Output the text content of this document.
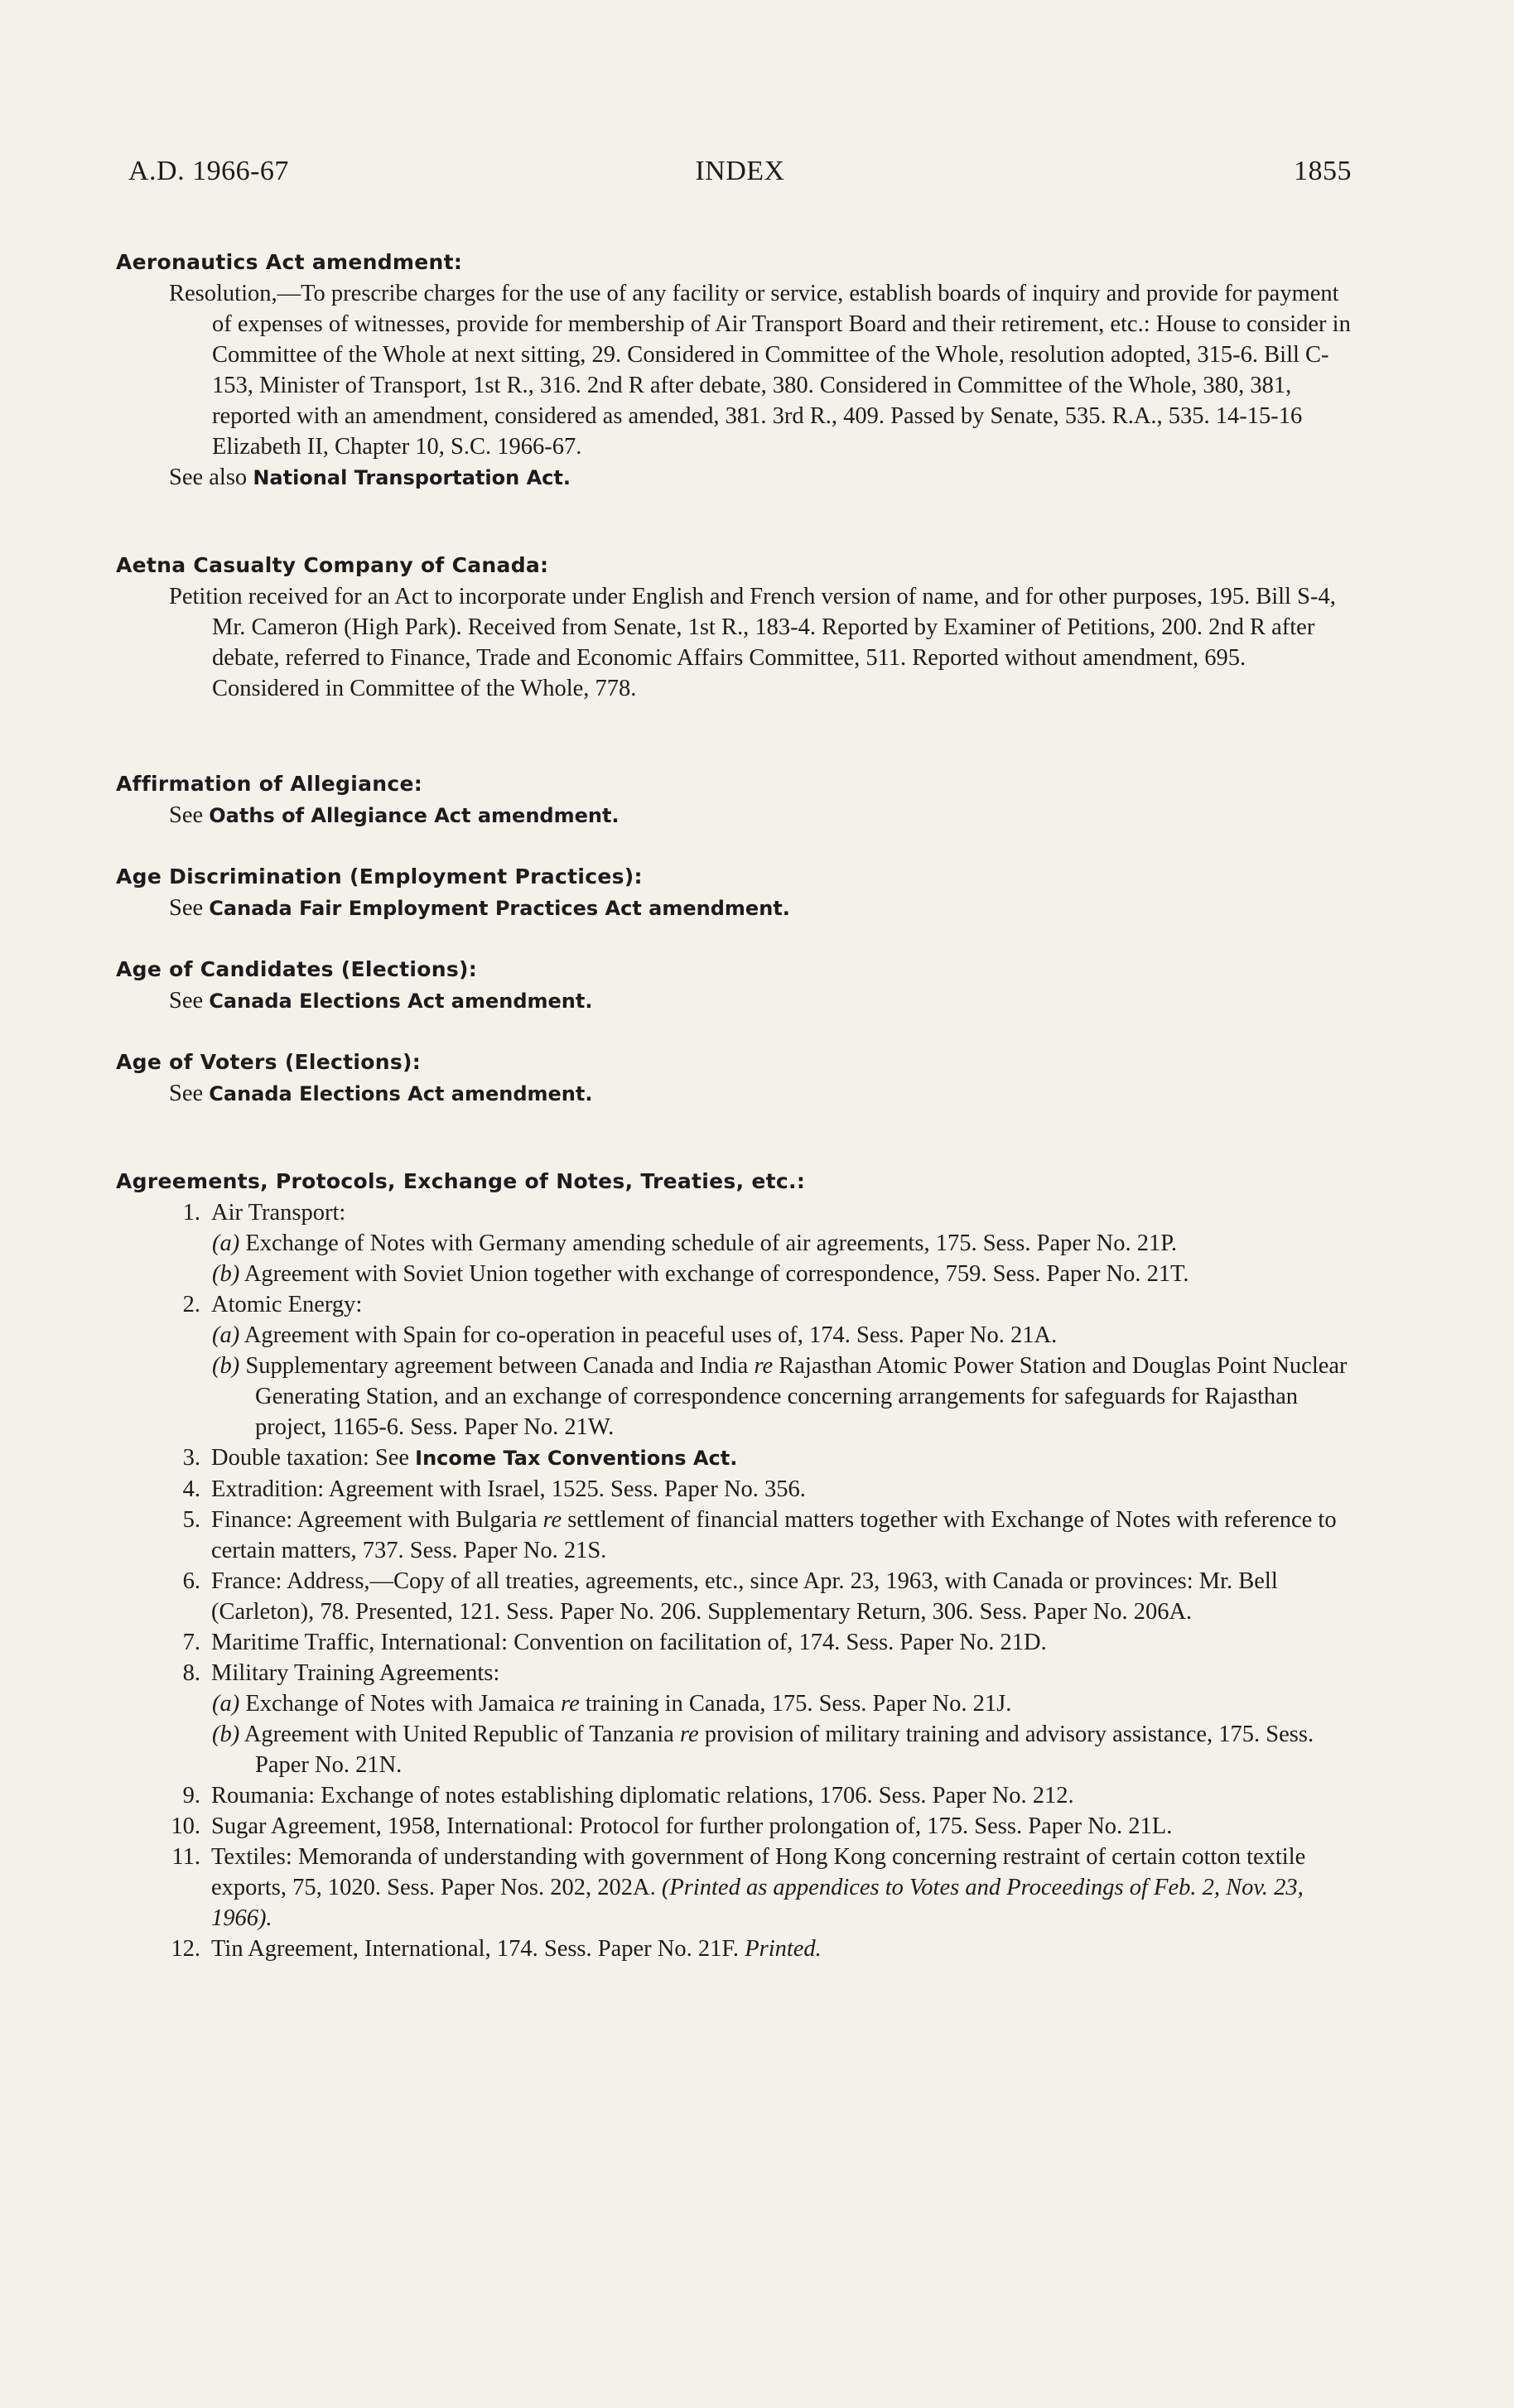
A.D. 1966-67	INDEX	1855
Aeronautics Act amendment:
Resolution,—To prescribe charges for the use of any facility or service, establish boards of inquiry and provide for payment of expenses of witnesses, provide for membership of Air Transport Board and their retirement, etc.: House to consider in Committee of the Whole at next sitting, 29. Considered in Committee of the Whole, resolution adopted, 315-6. Bill C-153, Minister of Transport, 1st R., 316. 2nd R after debate, 380. Considered in Committee of the Whole, 380, 381, reported with an amendment, considered as amended, 381. 3rd R., 409. Passed by Senate, 535. R.A., 535. 14-15-16 Elizabeth II, Chapter 10, S.C. 1966-67.
See also National Transportation Act.
Aetna Casualty Company of Canada:
Petition received for an Act to incorporate under English and French version of name, and for other purposes, 195. Bill S-4, Mr. Cameron (High Park). Received from Senate, 1st R., 183-4. Reported by Examiner of Petitions, 200. 2nd R after debate, referred to Finance, Trade and Economic Affairs Committee, 511. Reported without amendment, 695. Considered in Committee of the Whole, 778.
Affirmation of Allegiance:
See Oaths of Allegiance Act amendment.
Age Discrimination (Employment Practices):
See Canada Fair Employment Practices Act amendment.
Age of Candidates (Elections):
See Canada Elections Act amendment.
Age of Voters (Elections):
See Canada Elections Act amendment.
Agreements, Protocols, Exchange of Notes, Treaties, etc.:
1. Air Transport:
(a) Exchange of Notes with Germany amending schedule of air agreements, 175. Sess. Paper No. 21P.
(b) Agreement with Soviet Union together with exchange of correspondence, 759. Sess. Paper No. 21T.
2. Atomic Energy:
(a) Agreement with Spain for co-operation in peaceful uses of, 174. Sess. Paper No. 21A.
(b) Supplementary agreement between Canada and India re Rajasthan Atomic Power Station and Douglas Point Nuclear Generating Station, and an exchange of correspondence concerning arrangements for safeguards for Rajasthan project, 1165-6. Sess. Paper No. 21W.
3. Double taxation: See Income Tax Conventions Act.
4. Extradition: Agreement with Israel, 1525. Sess. Paper No. 356.
5. Finance: Agreement with Bulgaria re settlement of financial matters together with Exchange of Notes with reference to certain matters, 737. Sess. Paper No. 21S.
6. France: Address,—Copy of all treaties, agreements, etc., since Apr. 23, 1963, with Canada or provinces: Mr. Bell (Carleton), 78. Presented, 121. Sess. Paper No. 206. Supplementary Return, 306. Sess. Paper No. 206A.
7. Maritime Traffic, International: Convention on facilitation of, 174. Sess. Paper No. 21D.
8. Military Training Agreements:
(a) Exchange of Notes with Jamaica re training in Canada, 175. Sess. Paper No. 21J.
(b) Agreement with United Republic of Tanzania re provision of military training and advisory assistance, 175. Sess. Paper No. 21N.
9. Roumania: Exchange of notes establishing diplomatic relations, 1706. Sess. Paper No. 212.
10. Sugar Agreement, 1958, International: Protocol for further prolongation of, 175. Sess. Paper No. 21L.
11. Textiles: Memoranda of understanding with government of Hong Kong concerning restraint of certain cotton textile exports, 75, 1020. Sess. Paper Nos. 202, 202A. (Printed as appendices to Votes and Proceedings of Feb. 2, Nov. 23, 1966).
12. Tin Agreement, International, 174. Sess. Paper No. 21F. Printed.
